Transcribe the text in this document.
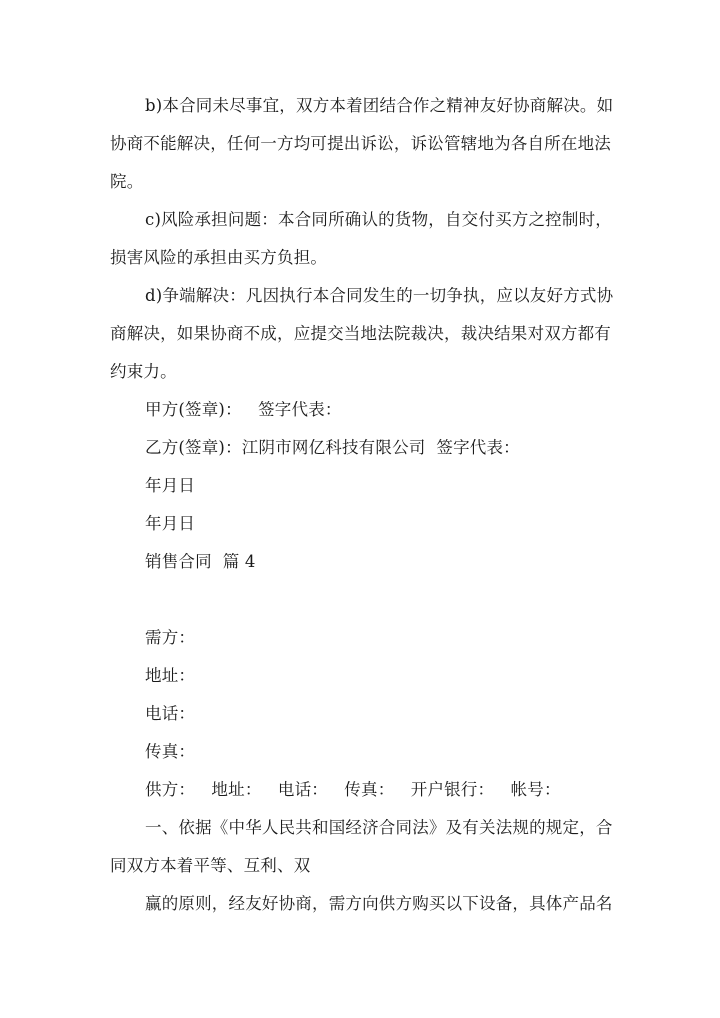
b)本合同未尽事宜，双方本着团结合作之精神友好协商解决。如
协商不能解决，任何一方均可提出诉讼，诉讼管辖地为各自所在地法
院。
c)风险承担问题：本合同所确认的货物，自交付买方之控制时，
损害风险的承担由买方负担。
d)争端解决：凡因执行本合同发生的一切争执，应以友好方式协
商解决，如果协商不成，应提交当地法院裁决，裁决结果对双方都有
约束力。
甲方(签章)：   签字代表：
乙方(签章)：江阴市网亿科技有限公司  签字代表：
年月日
年月日
销售合同  篇 4
需方：
地址：
电话：
传真：
供方：   地址：   电话：   传真：   开户银行：   帐号：
一、依据《中华人民共和国经济合同法》及有关法规的规定，合
同双方本着平等、互利、双
赢的原则，经友好协商，需方向供方购买以下设备，具体产品名
